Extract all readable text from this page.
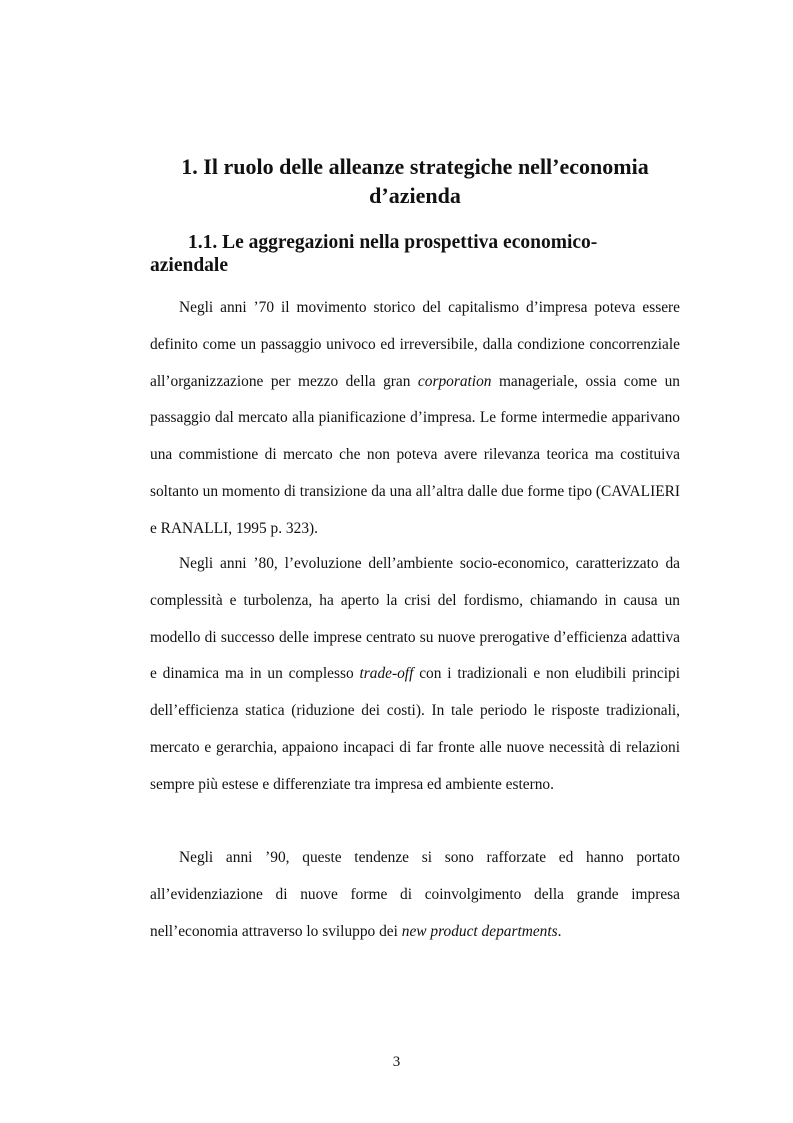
1. Il ruolo delle alleanze strategiche nell’economia
d’azienda
1.1. Le aggregazioni nella prospettiva economico-
aziendale

Negli anni ’70 il movimento storico del capitalismo d’impresa poteva essere definito come un passaggio univoco ed irreversibile, dalla condizione concorrenziale all’organizzazione per mezzo della gran corporation manageriale, ossia come un passaggio dal mercato alla pianificazione d’impresa. Le forme intermedie apparivano una commistione di mercato che non poteva avere rilevanza teorica ma costituiva soltanto un momento di transizione da una all’altra dalle due forme tipo (CAVALIERI e RANALLI, 1995 p. 323).

Negli anni ’80, l’evoluzione dell’ambiente socio-economico, caratterizzato da complessità e turbolenza, ha aperto la crisi del fordismo, chiamando in causa un modello di successo delle imprese centrato su nuove prerogative d’efficienza adattiva e dinamica ma in un complesso trade-off con i tradizionali e non eludibili principi dell’efficienza statica (riduzione dei costi). In tale periodo le risposte tradizionali, mercato e gerarchia, appaiono incapaci di far fronte alle nuove necessità di relazioni sempre più estese e differenziate tra impresa ed ambiente esterno.

Negli anni ’90, queste tendenze si sono rafforzate ed hanno portato all’evidenziazione di nuove forme di coinvolgimento della grande impresa nell’economia attraverso lo sviluppo dei new product departments.

3
